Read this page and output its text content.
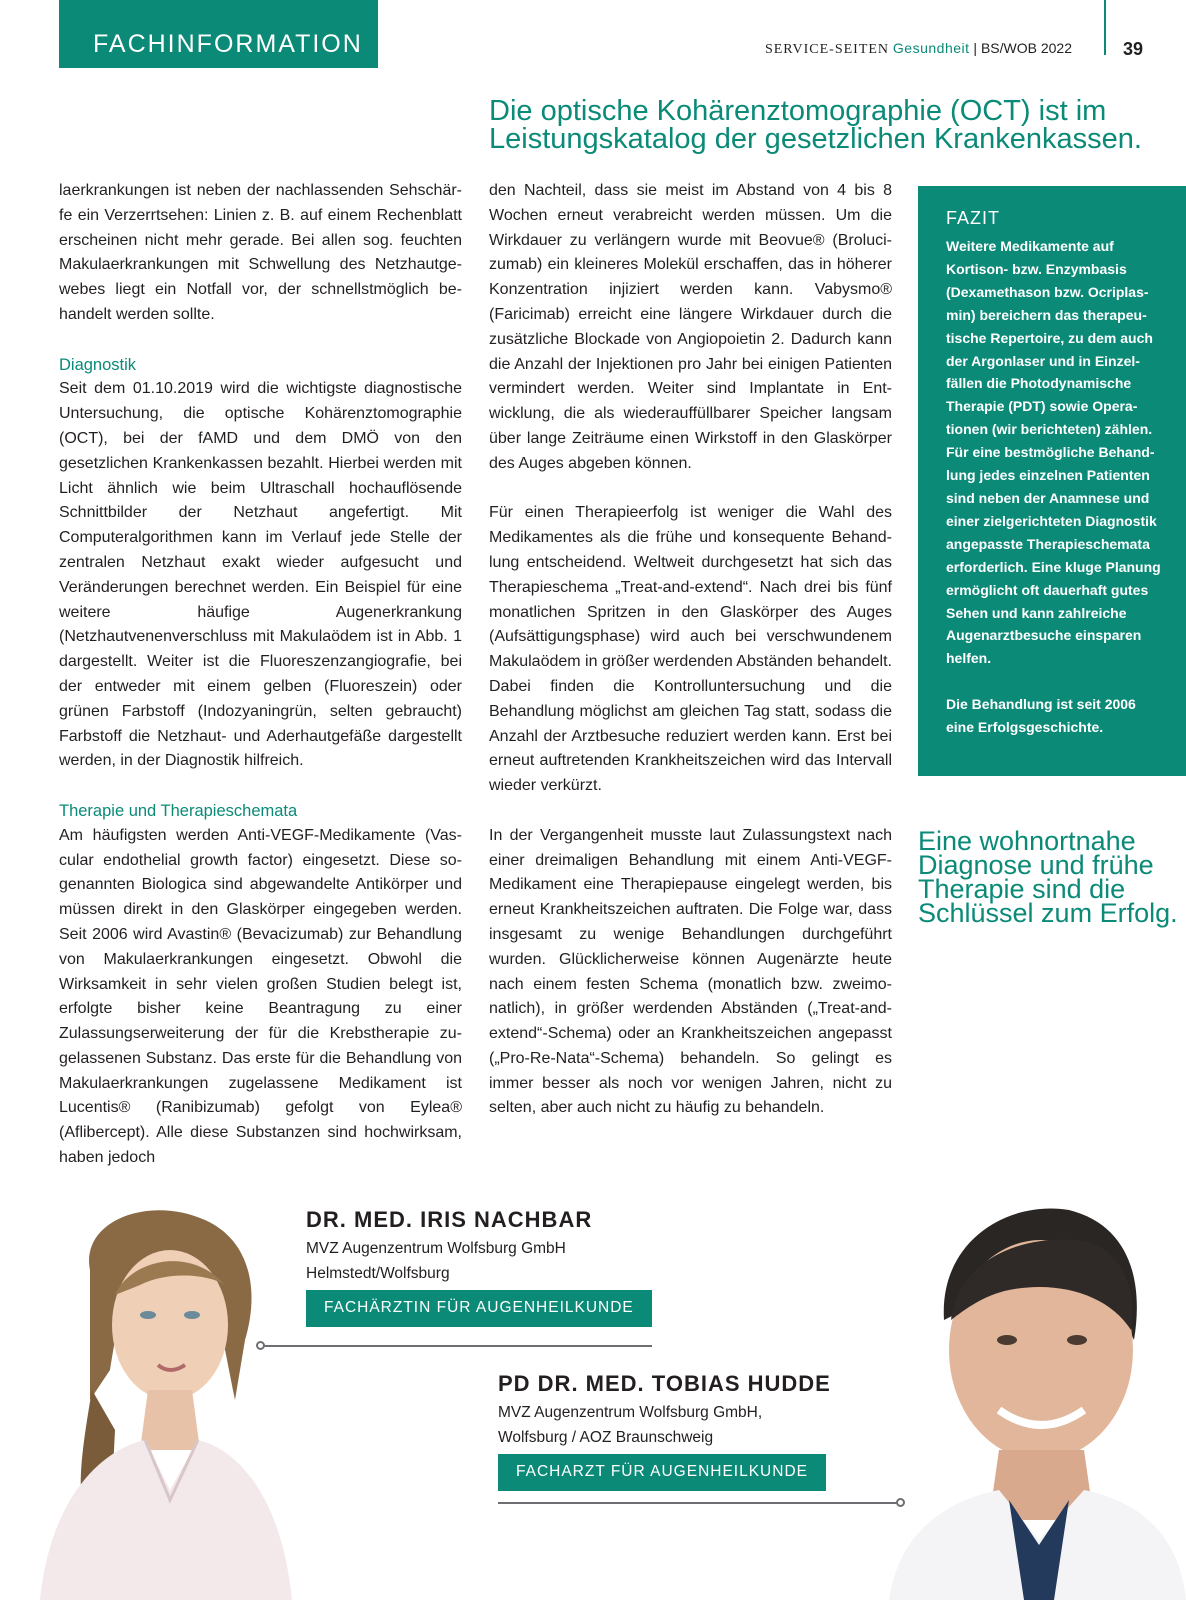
FACHINFORMATION	SERVICE-SEITEN Gesundheit | BS/WOB 2022	39
Die optische Kohärenztomographie (OCT) ist im Leistungskatalog der gesetzlichen Krankenkassen.

laerkrankungen ist neben der nachlassenden Sehschärfe ein Verzerrtsehen: Linien z. B. auf einem Rechenblatt erscheinen nicht mehr gerade. Bei allen sog. feuchten Makulaerkrankungen mit Schwellung des Netzhautgewebes liegt ein Notfall vor, der schnellstmöglich behandelt werden sollte.

Diagnostik

Seit dem 01.10.2019 wird die wichtigste diagnostische Untersuchung, die optische Kohärenztomographie (OCT), bei der fAMD und dem DMÖ von den gesetzlichen Krankenkassen bezahlt. Hierbei werden mit Licht ähnlich wie beim Ultraschall hochauflösende Schnittbilder der Netzhaut angefertigt. Mit Computeralgorithmen kann im Verlauf jede Stelle der zentralen Netzhaut exakt wieder aufgesucht und Veränderungen berechnet werden. Ein Beispiel für eine weitere häufige Augenerkrankung (Netzhautvenenverschluss mit Makulaödem ist in Abb. 1 dargestellt. Weiter ist die Fluoreszenzangiografie, bei der entweder mit einem gelben (Fluoreszein) oder grünen Farbstoff (Indozyaningrün, selten gebraucht) Farbstoff die Netzhaut- und Aderhautgefäße dargestellt werden, in der Diagnostik hilfreich.

Therapie und Therapieschemata

Am häufigsten werden Anti-VEGF-Medikamente (Vascular endothelial growth factor) eingesetzt. Diese sogenannten Biologica sind abgewandelte Antikörper und müssen direkt in den Glaskörper eingegeben werden. Seit 2006 wird Avastin® (Bevacizumab) zur Behandlung von Makulaerkrankungen eingesetzt. Obwohl die Wirksamkeit in sehr vielen großen Studien belegt ist, erfolgte bisher keine Beantragung zu einer Zulassungserweiterung der für die Krebstherapie zugelassenen Substanz. Das erste für die Behandlung von Makulaerkrankungen zugelassene Medikament ist Lucentis® (Ranibizumab) gefolgt von Eylea® (Aflibercept). Alle diese Substanzen sind hochwirksam, haben jedoch

den Nachteil, dass sie meist im Abstand von 4 bis 8 Wochen erneut verabreicht werden müssen. Um die Wirkdauer zu verlängern wurde mit Beovue® (Brolucizumab) ein kleineres Molekül erschaffen, das in höherer Konzentration injiziert werden kann. Vabysmo® (Faricimab) erreicht eine längere Wirkdauer durch die zusätzliche Blockade von Angiopoietin 2. Dadurch kann die Anzahl der Injektionen pro Jahr bei einigen Patienten vermindert werden. Weiter sind Implantate in Entwicklung, die als wiederauffüllbarer Speicher langsam über lange Zeiträume einen Wirkstoff in den Glaskörper des Auges abgeben können.

Für einen Therapieerfolg ist weniger die Wahl des Medikamentes als die frühe und konsequente Behandlung entscheidend. Weltweit durchgesetzt hat sich das Therapieschema „Treat-and-extend“. Nach drei bis fünf monatlichen Spritzen in den Glaskörper des Auges (Aufsättigungsphase) wird auch bei verschwundenem Makulaödem in größer werdenden Abständen behandelt. Dabei finden die Kontrolluntersuchung und die Behandlung möglichst am gleichen Tag statt, sodass die Anzahl der Arztbesuche reduziert werden kann. Erst bei erneut auftretenden Krankheitszeichen wird das Intervall wieder verkürzt.

In der Vergangenheit musste laut Zulassungstext nach einer dreimaligen Behandlung mit einem Anti-VEGF-Medikament eine Therapiepause eingelegt werden, bis erneut Krankheitszeichen auftraten. Die Folge war, dass insgesamt zu wenige Behandlungen durchgeführt wurden. Glücklicherweise können Augenärzte heute nach einem festen Schema (monatlich bzw. zweimonatlich), in größer werdenden Abständen („Treat-and-extend“-Schema) oder an Krankheitszeichen angepasst („Pro-Re-Nata“-Schema) behandeln. So gelingt es immer besser als noch vor wenigen Jahren, nicht zu selten, aber auch nicht zu häufig zu behandeln.

FAZIT

Weitere Medikamente auf Kortison- bzw. Enzymbasis (Dexamethason bzw. Ocriplasmin) bereichern das therapeutische Repertoire, zu dem auch der Argonlaser und in Einzelfällen die Photodynamische Therapie (PDT) sowie Operationen (wir berichteten) zählen. Für eine bestmögliche Behandlung jedes einzelnen Patienten sind neben der Anamnese und einer zielgerichteten Diagnostik angepasste Therapieschemata erforderlich. Eine kluge Planung ermöglicht oft dauerhaft gutes Sehen und kann zahlreiche Augenarztbesuche einsparen helfen.

Die Behandlung ist seit 2006 eine Erfolgsgeschichte.

Eine wohnortnahe Diagnose und frühe Therapie sind die Schlüssel zum Erfolg.
DR. MED. IRIS NACHBAR
MVZ Augenzentrum Wolfsburg GmbH
Helmstedt/Wolfsburg
FACHÄRZTIN FÜR AUGENHEILKUNDE
PD DR. MED. TOBIAS HUDDE
MVZ Augenzentrum Wolfsburg GmbH,
Wolfsburg / AOZ Braunschweig
FACHARZT FÜR AUGENHEILKUNDE
